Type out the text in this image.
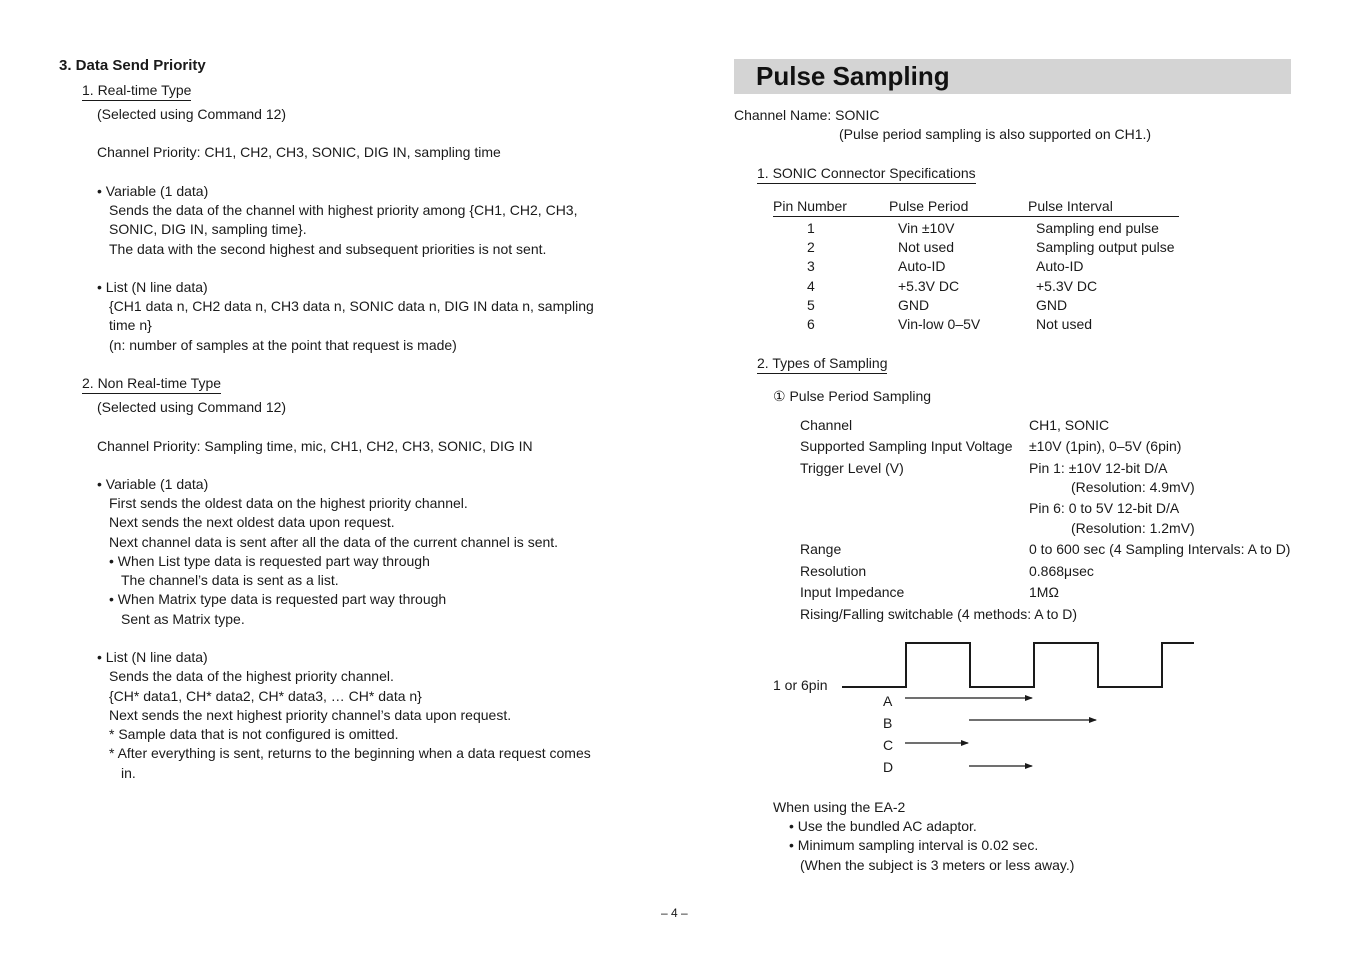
3. Data Send Priority
1. Real-time Type
(Selected using Command 12)
Channel Priority: CH1, CH2, CH3, SONIC, DIG IN, sampling time
• Variable (1 data)
Sends the data of the channel with highest priority among {CH1, CH2, CH3,
SONIC, DIG IN, sampling time}.
The data with the second highest and subsequent priorities is not sent.
• List (N line data)
{CH1 data n, CH2 data n, CH3 data n, SONIC data n, DIG IN data n, sampling
time n}
(n: number of samples at the point that request is made)
2. Non Real-time Type
(Selected using Command 12)
Channel Priority: Sampling time, mic, CH1, CH2, CH3, SONIC, DIG IN
• Variable (1 data)
First sends the oldest data on the highest priority channel.
Next sends the next oldest data upon request.
Next channel data is sent after all the data of the current channel is sent.
• When List type data is requested part way through
The channel’s data is sent as a list.
• When Matrix type data is requested part way through
Sent as Matrix type.
• List (N line data)
Sends the data of the highest priority channel.
{CH* data1, CH* data2, CH* data3, … CH* data n}
Next sends the next highest priority channel’s data upon request.
* Sample data that is not configured is omitted.
* After everything is sent, returns to the beginning when a data request comes
in.
Pulse Sampling
Channel Name: SONIC
(Pulse period sampling is also supported on CH1.)
1. SONIC Connector Specifications
Pin Number	Pulse Period	Pulse Interval
1	Vin ±10V	Sampling end pulse
2	Not used	Sampling output pulse
3	Auto-ID	Auto-ID
4	+5.3V DC	+5.3V DC
5	GND	GND
6	Vin-low 0–5V	Not used
2. Types of Sampling
① Pulse Period Sampling
Channel	CH1, SONIC
Supported Sampling Input Voltage ±10V (1pin), 0–5V (6pin)
Trigger Level (V)	Pin 1: ±10V 12-bit D/A
(Resolution: 4.9mV)
Pin 6: 0 to 5V 12-bit D/A
(Resolution: 1.2mV)
Range	0 to 600 sec (4 Sampling Intervals: A to D)
Resolution	0.868μsec
Input Impedance	1MΩ
Rising/Falling switchable (4 methods: A to D)
1 or 6pin
A
B
C
D
When using the EA-2
• Use the bundled AC adaptor.
• Minimum sampling interval is 0.02 sec.
(When the subject is 3 meters or less away.)
– 4 –
